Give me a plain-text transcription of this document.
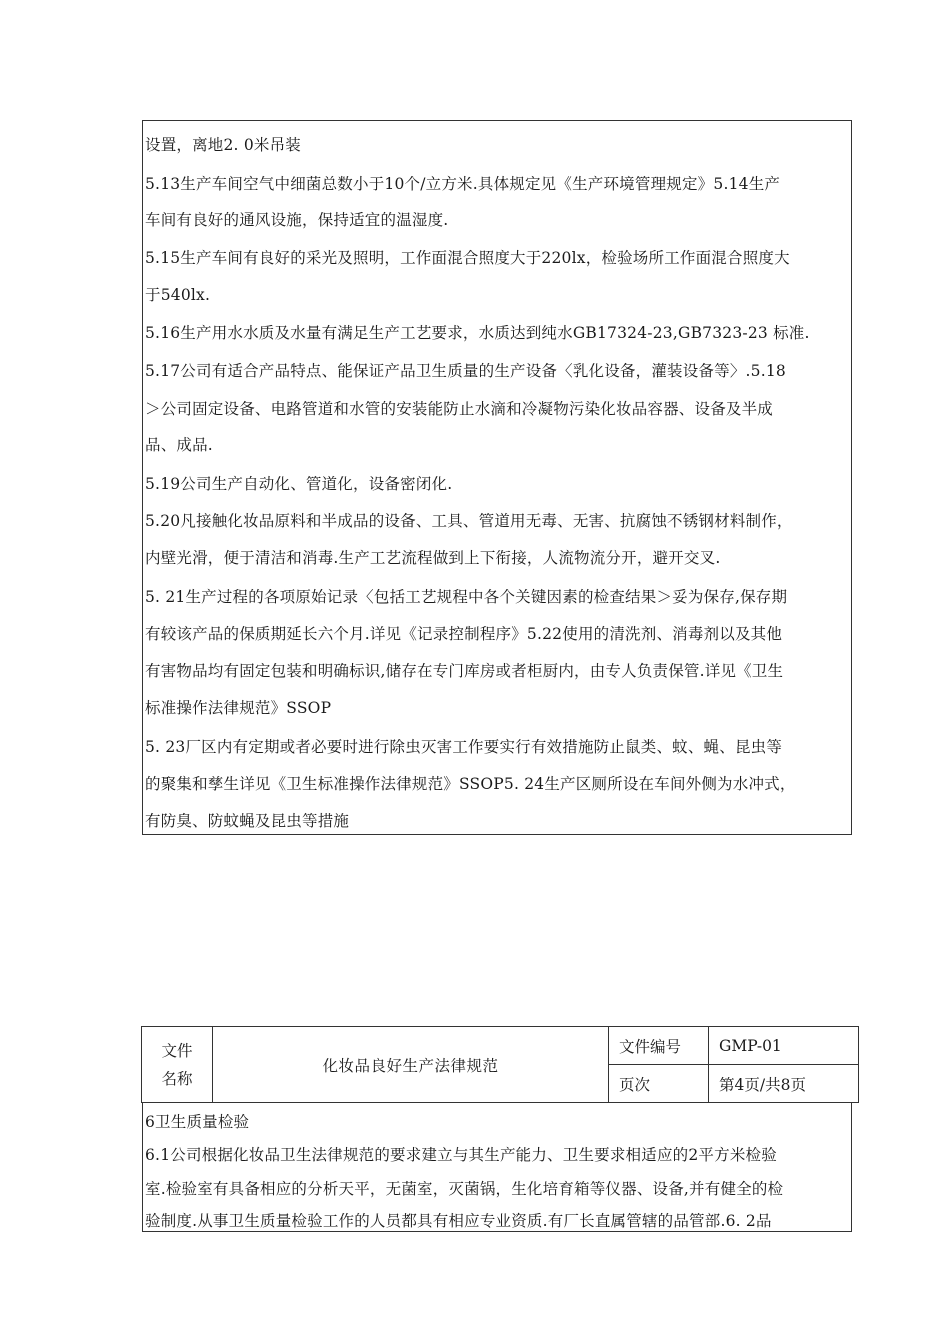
设置，离地2. 0米吊装
5.13生产车间空气中细菌总数小于10个/立方米.具体规定见《生产环境管理规定》5.14生产
车间有良好的通风设施，保持适宜的温湿度.
5.15生产车间有良好的采光及照明，工作面混合照度大于220lx，检验场所工作面混合照度大
于540lx.
5.16生产用水水质及水量有满足生产工艺要求，水质达到纯水GB17324-23,GB7323-23 标准.
5.17公司有适合产品特点、能保证产品卫生质量的生产设备〈乳化设备，灌装设备等〉.5.18
＞公司固定设备、电路管道和水管的安装能防止水滴和冷凝物污染化妆品容器、设备及半成
品、成品.
5.19公司生产自动化、管道化，设备密闭化.
5.20凡接触化妆品原料和半成品的设备、工具、管道用无毒、无害、抗腐蚀不锈钢材料制作，
内壁光滑，便于清洁和消毒.生产工艺流程做到上下衔接，人流物流分开，避开交叉.
5. 21生产过程的各项原始记录〈包括工艺规程中各个关键因素的检查结果＞妥为保存,保存期
有较该产品的保质期延长六个月.详见《记录控制程序》5.22使用的清洗剂、消毒剂以及其他
有害物品均有固定包装和明确标识,储存在专门库房或者柜厨内，由专人负责保管.详见《卫生
标准操作法律规范》SSOP
5. 23厂区内有定期或者必要时进行除虫灭害工作要实行有效措施防止鼠类、蚊、蝇、昆虫等
的聚集和孳生详见《卫生标准操作法律规范》SSOP5. 24生产区厕所设在车间外侧为水冲式，
有防臭、防蚊蝇及昆虫等措施
文件
名称	化妆品良好生产法律规范	文件编号	GMP-01
		页次	第4页/共8页
6卫生质量检验
6.1公司根据化妆品卫生法律规范的要求建立与其生产能力、卫生要求相适应的2平方米检验
室.检验室有具备相应的分析天平，无菌室，灭菌锅，生化培育箱等仪器、设备,并有健全的检
验制度.从事卫生质量检验工作的人员都具有相应专业资质.有厂长直属管辖的品管部.6. 2品
